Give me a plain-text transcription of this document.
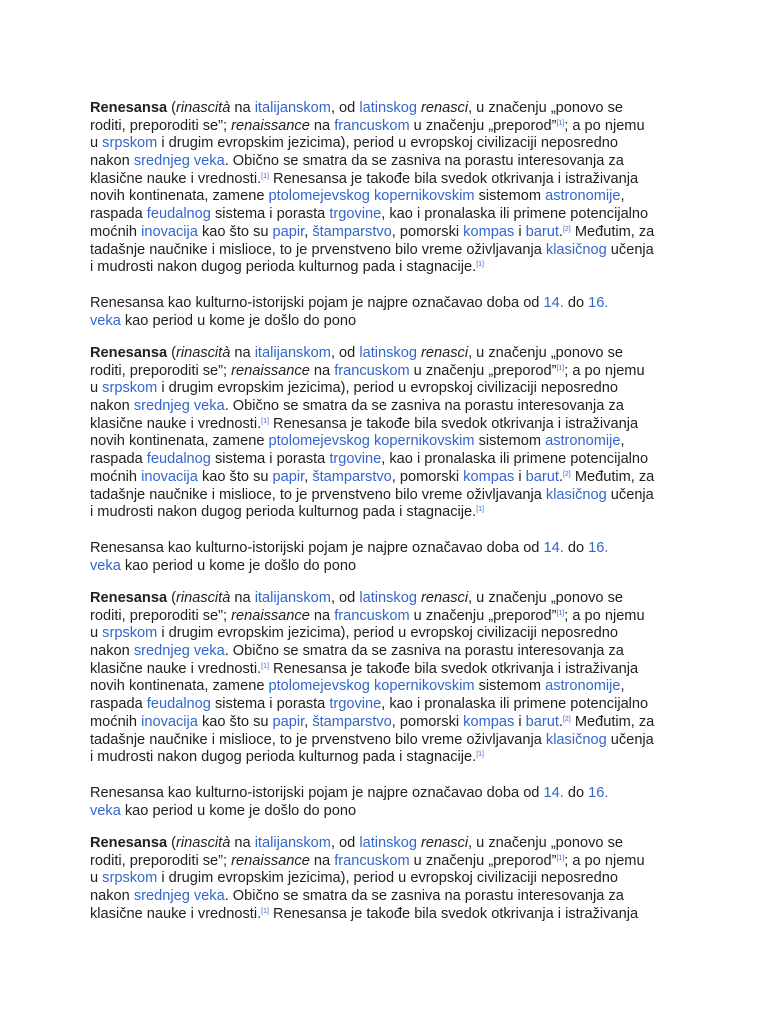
Renesansa (rinascità na italijanskom, od latinskog renasci, u značenju „ponovo se
roditi, preporoditi se”; renaissance na francuskom u značenju „preporod”[1]; a po njemu
u srpskom i drugim evropskim jezicima), period u evropskoj civilizaciji neposredno
nakon srednjeg veka. Obično se smatra da se zasniva na porastu interesovanja za
klasične nauke i vrednosti.[1] Renesansa je takođe bila svedok otkrivanja i istraživanja
novih kontinenata, zamene ptolomejevskog kopernikovskim sistemom astronomije,
raspada feudalnog sistema i porasta trgovine, kao i pronalaska ili primene potencijalno
moćnih inovacija kao što su papir, štamparstvo, pomorski kompas i barut.[2] Međutim, za
tadašnje naučnike i mislioce, to je prvenstveno bilo vreme oživljavanja klasičnog učenja
i mudrosti nakon dugog perioda kulturnog pada i stagnacije.[1]

Renesansa kao kulturno-istorijski pojam je najpre označavao doba od 14. do 16.
veka kao period u kome je došlo do pono

Renesansa (rinascità na italijanskom, od latinskog renasci, u značenju „ponovo se
roditi, preporoditi se”; renaissance na francuskom u značenju „preporod”[1]; a po njemu
u srpskom i drugim evropskim jezicima), period u evropskoj civilizaciji neposredno
nakon srednjeg veka. Obično se smatra da se zasniva na porastu interesovanja za
klasične nauke i vrednosti.[1] Renesansa je takođe bila svedok otkrivanja i istraživanja
novih kontinenata, zamene ptolomejevskog kopernikovskim sistemom astronomije,
raspada feudalnog sistema i porasta trgovine, kao i pronalaska ili primene potencijalno
moćnih inovacija kao što su papir, štamparstvo, pomorski kompas i barut.[2] Međutim, za
tadašnje naučnike i mislioce, to je prvenstveno bilo vreme oživljavanja klasičnog učenja
i mudrosti nakon dugog perioda kulturnog pada i stagnacije.[1]

Renesansa kao kulturno-istorijski pojam je najpre označavao doba od 14. do 16.
veka kao period u kome je došlo do pono

Renesansa (rinascità na italijanskom, od latinskog renasci, u značenju „ponovo se
roditi, preporoditi se”; renaissance na francuskom u značenju „preporod”[1]; a po njemu
u srpskom i drugim evropskim jezicima), period u evropskoj civilizaciji neposredno
nakon srednjeg veka. Obično se smatra da se zasniva na porastu interesovanja za
klasične nauke i vrednosti.[1] Renesansa je takođe bila svedok otkrivanja i istraživanja
novih kontinenata, zamene ptolomejevskog kopernikovskim sistemom astronomije,
raspada feudalnog sistema i porasta trgovine, kao i pronalaska ili primene potencijalno
moćnih inovacija kao što su papir, štamparstvo, pomorski kompas i barut.[2] Međutim, za
tadašnje naučnike i mislioce, to je prvenstveno bilo vreme oživljavanja klasičnog učenja
i mudrosti nakon dugog perioda kulturnog pada i stagnacije.[1]

Renesansa kao kulturno-istorijski pojam je najpre označavao doba od 14. do 16.
veka kao period u kome je došlo do pono

Renesansa (rinascità na italijanskom, od latinskog renasci, u značenju „ponovo se
roditi, preporoditi se”; renaissance na francuskom u značenju „preporod”[1]; a po njemu
u srpskom i drugim evropskim jezicima), period u evropskoj civilizaciji neposredno
nakon srednjeg veka. Obično se smatra da se zasniva na porastu interesovanja za
klasične nauke i vrednosti.[1] Renesansa je takođe bila svedok otkrivanja i istraživanja
